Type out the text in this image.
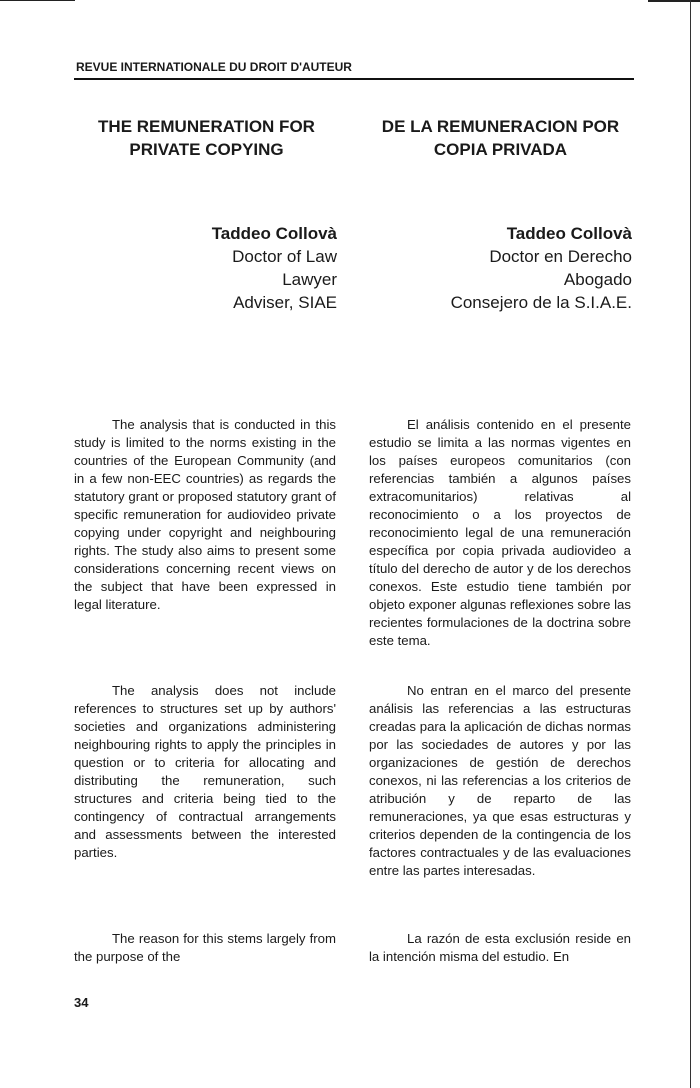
REVUE INTERNATIONALE DU DROIT D'AUTEUR
THE REMUNERATION FOR
PRIVATE COPYING
DE LA REMUNERACION POR
COPIA PRIVADA
Taddeo Collovà
Doctor of Law
Lawyer
Adviser, SIAE
Taddeo Collovà
Doctor en Derecho
Abogado
Consejero de la S.I.A.E.

The analysis that is conducted in this study is limited to the norms existing in the countries of the European Community (and in a few non-EEC countries) as regards the statutory grant or proposed statutory grant of specific remuneration for audiovideo private copying under copyright and neighbouring rights. The study also aims to present some considerations concerning recent views on the subject that have been expressed in legal literature.

The analysis does not include references to structures set up by authors' societies and organizations administering neighbouring rights to apply the principles in question or to criteria for allocating and distributing the remuneration, such structures and criteria being tied to the contingency of contractual arrangements and assessments between the interested parties.

The reason for this stems largely from the purpose of the

El análisis contenido en el presente estudio se limita a las normas vigentes en los países europeos comunitarios (con referencias también a algunos países extracomunitarios) relativas al reconocimiento o a los proyectos de reconocimiento legal de una remuneración específica por copia privada audiovideo a título del derecho de autor y de los derechos conexos. Este estudio tiene también por objeto exponer algunas reflexiones sobre las recientes formulaciones de la doctrina sobre este tema.

No entran en el marco del presente análisis las referencias a las estructuras creadas para la aplicación de dichas normas por las sociedades de autores y por las organizaciones de gestión de derechos conexos, ni las referencias a los criterios de atribución y de reparto de las remuneraciones, ya que esas estructuras y criterios dependen de la contingencia de los factores contractuales y de las evaluaciones entre las partes interesadas.

La razón de esta exclusión reside en la intención misma del estudio. En

34
